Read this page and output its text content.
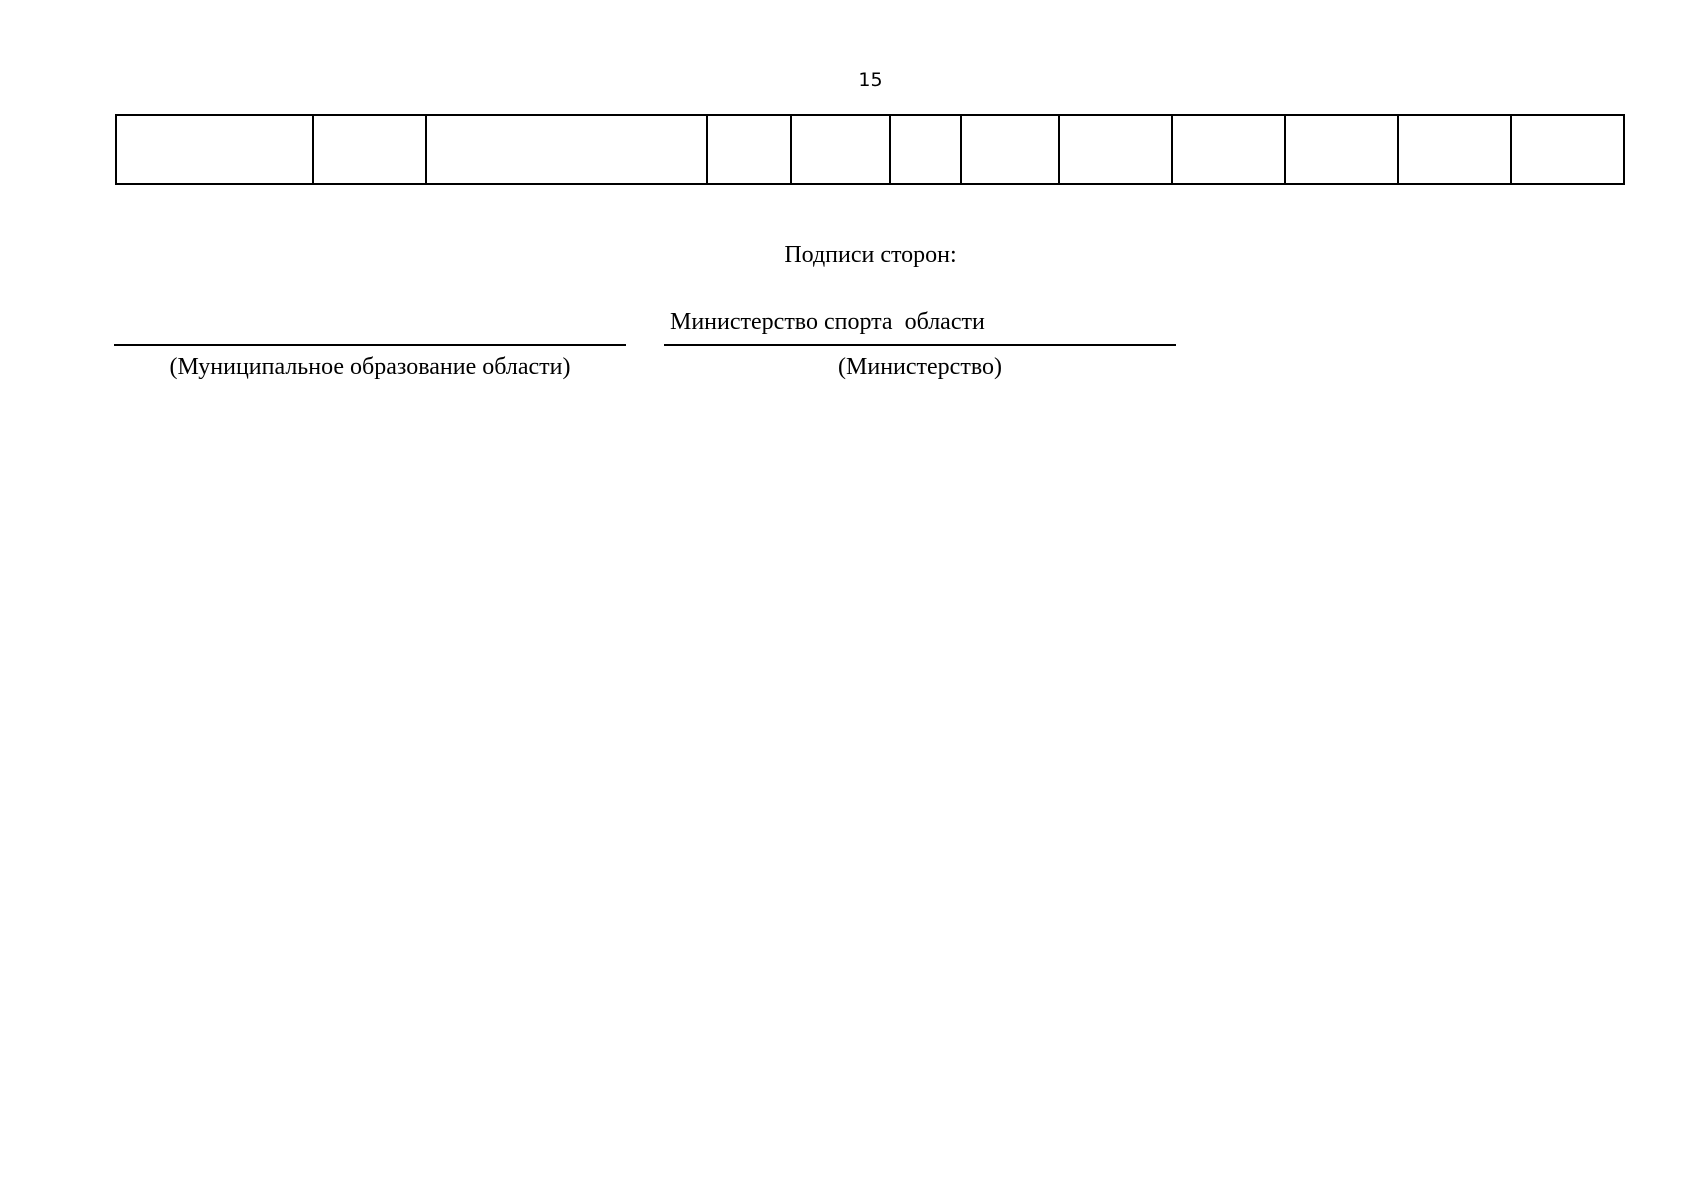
15

Подписи сторон:
(Муниципальное образование области)
Министерство спорта  области
(Министерство)
